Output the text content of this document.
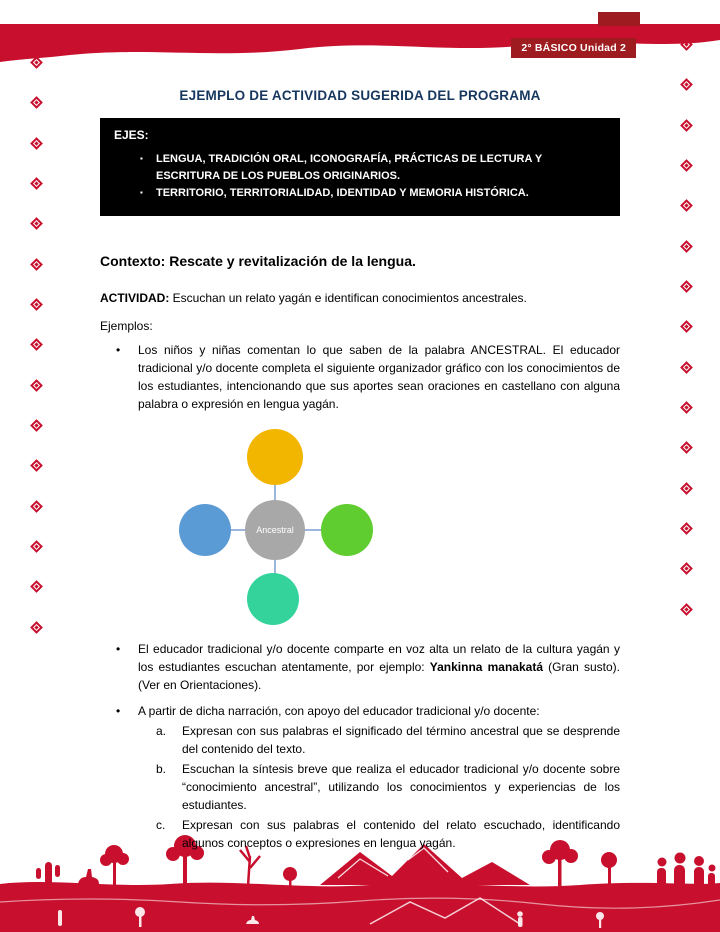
2° BÁSICO Unidad 2
EJEMPLO DE ACTIVIDAD SUGERIDA DEL PROGRAMA
EJES:
▪	LENGUA, TRADICIÓN ORAL, ICONOGRAFÍA, PRÁCTICAS DE LECTURA Y ESCRITURA DE LOS PUEBLOS ORIGINARIOS.
▪	TERRITORIO, TERRITORIALIDAD, IDENTIDAD Y MEMORIA HISTÓRICA.
Contexto: Rescate y revitalización de la lengua.

ACTIVIDAD: Escuchan un relato yagán e identifican conocimientos ancestrales.

Ejemplos:

•	Los niños y niñas comentan lo que saben de la palabra ANCESTRAL. El educador tradicional y/o docente completa el siguiente organizador gráfico con los conocimientos de los estudiantes, intencionando que sus aportes sean oraciones en castellano con alguna palabra o expresión en lengua yagán.

Ancestral
•	El educador tradicional y/o docente comparte en voz alta un relato de la cultura yagán y los estudiantes escuchan atentamente, por ejemplo: Yankinna manakatá (Gran susto). (Ver en Orientaciones).

•	A partir de dicha narración, con apoyo del educador tradicional y/o docente:

a.	Expresan con sus palabras el significado del término ancestral que se desprende del contenido del texto.

b.	Escuchan la síntesis breve que realiza el educador tradicional y/o docente sobre “conocimiento ancestral”, utilizando los conocimientos y experiencias de los estudiantes.

c.	Expresan con sus palabras el contenido del relato escuchado, identificando algunos conceptos o expresiones en lengua yagán.
